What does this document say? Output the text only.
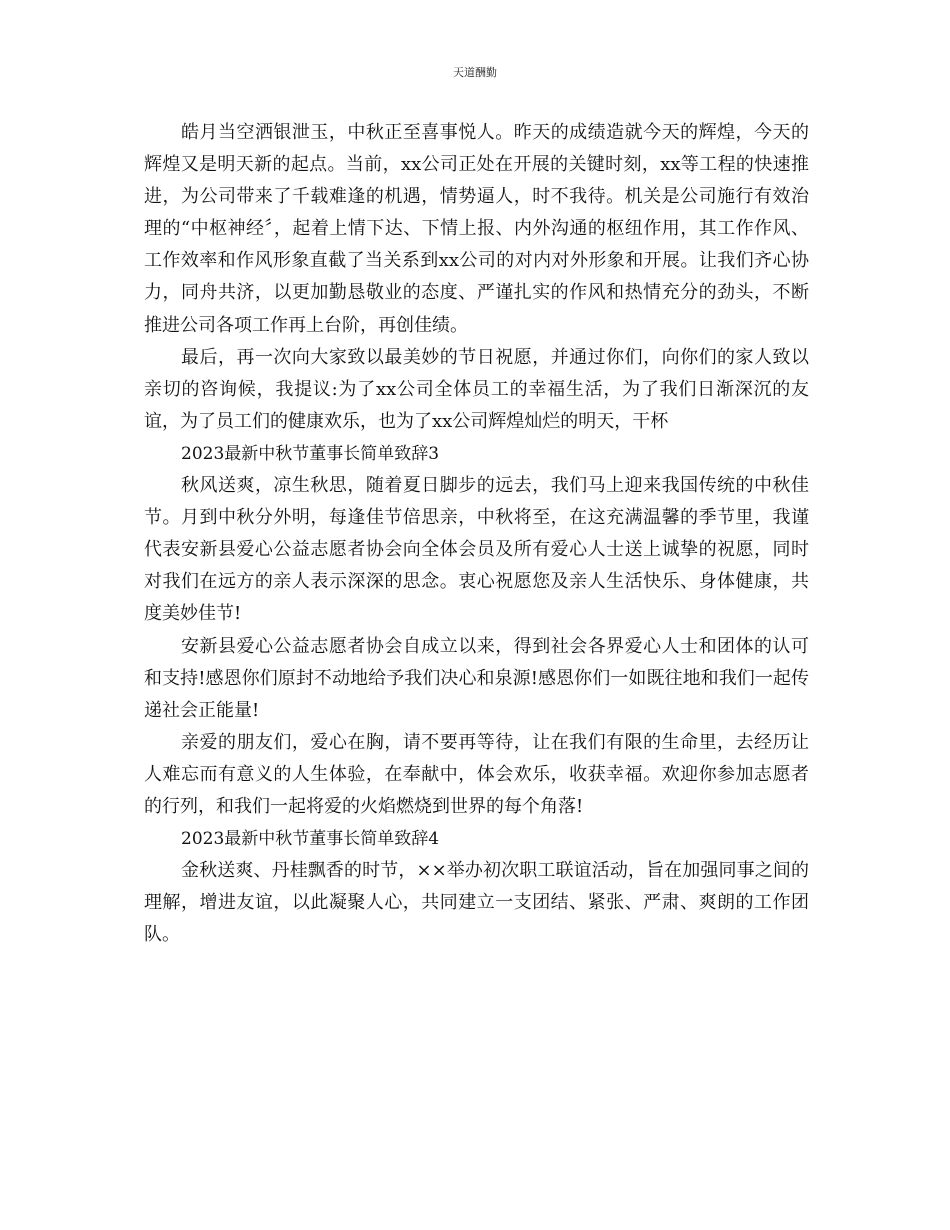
天道酬勤

皓月当空洒银泄玉，中秋正至喜事悦人。昨天的成绩造就今天的辉煌，今天的辉煌又是明天新的起点。当前，xx公司正处在开展的关键时刻，xx等工程的快速推进，为公司带来了千载难逢的机遇，情势逼人，时不我待。机关是公司施行有效治理的“中枢神经〞，起着上情下达、下情上报、内外沟通的枢纽作用，其工作作风、工作效率和作风形象直截了当关系到xx公司的对内对外形象和开展。让我们齐心协力，同舟共济，以更加勤恳敬业的态度、严谨扎实的作风和热情充分的劲头，不断推进公司各项工作再上台阶，再创佳绩。

最后，再一次向大家致以最美妙的节日祝愿，并通过你们，向你们的家人致以亲切的咨询候，我提议:为了xx公司全体员工的幸福生活，为了我们日渐深沉的友谊，为了员工们的健康欢乐，也为了xx公司辉煌灿烂的明天，干杯

2023最新中秋节董事长简单致辞3

秋风送爽，凉生秋思，随着夏日脚步的远去，我们马上迎来我国传统的中秋佳节。月到中秋分外明，每逢佳节倍思亲，中秋将至，在这充满温馨的季节里，我谨代表安新县爱心公益志愿者协会向全体会员及所有爱心人士送上诚挚的祝愿，同时对我们在远方的亲人表示深深的思念。衷心祝愿您及亲人生活快乐、身体健康，共度美妙佳节!

安新县爱心公益志愿者协会自成立以来，得到社会各界爱心人士和团体的认可和支持!感恩你们原封不动地给予我们决心和泉源!感恩你们一如既往地和我们一起传递社会正能量!

亲爱的朋友们，爱心在胸，请不要再等待，让在我们有限的生命里，去经历让人难忘而有意义的人生体验，在奉献中，体会欢乐，收获幸福。欢迎你参加志愿者的行列，和我们一起将爱的火焰燃烧到世界的每个角落!

2023最新中秋节董事长简单致辞4

金秋送爽、丹桂飘香的时节，××举办初次职工联谊活动，旨在加强同事之间的理解，增进友谊，以此凝聚人心，共同建立一支团结、紧张、严肃、爽朗的工作团队。
